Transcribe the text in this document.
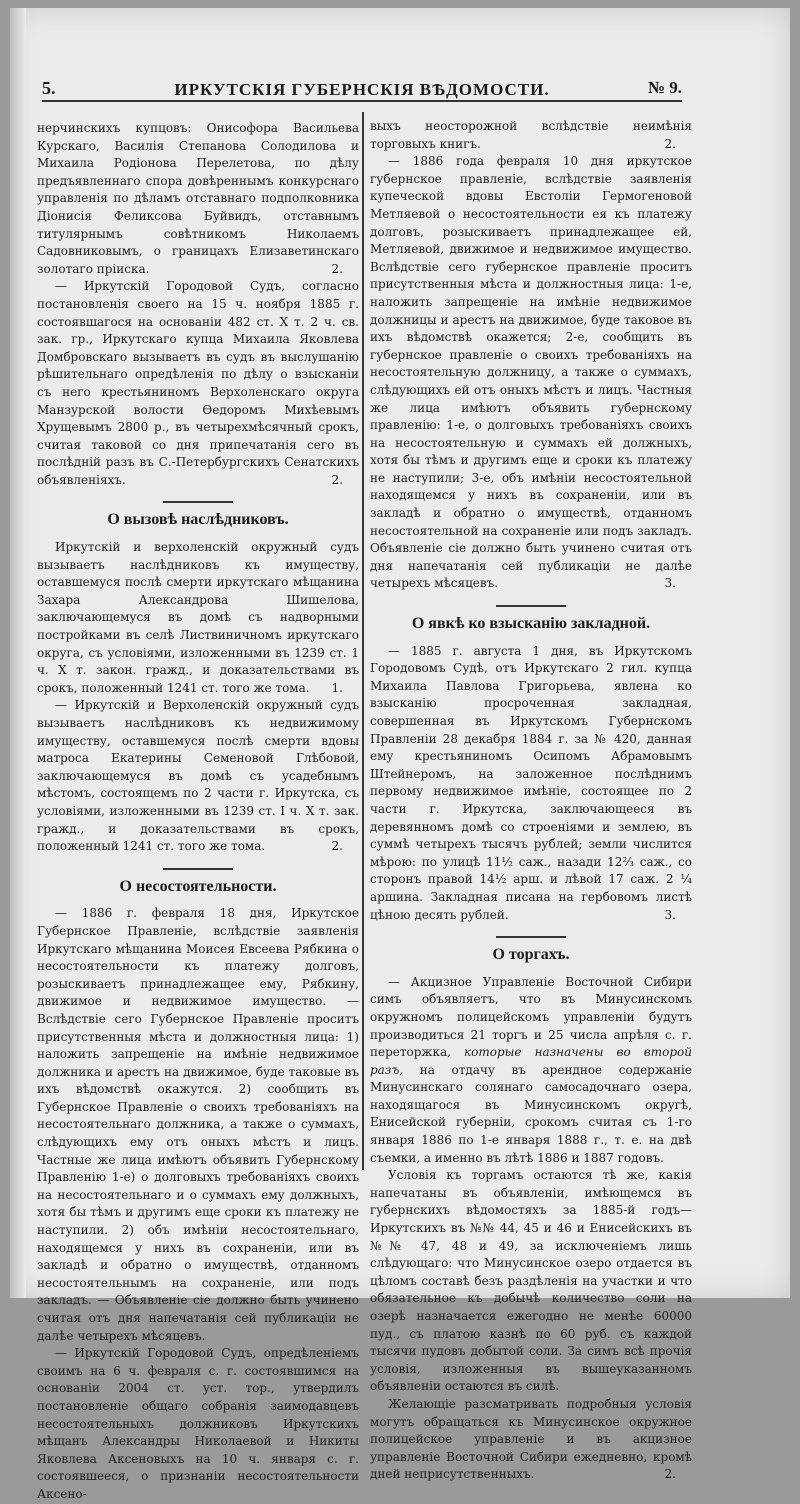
5.	ИРКУТСКІЯ ГУБЕРНСКІЯ ВѢДОМОСТИ.	№ 9.

нерчинскихъ купцовъ: Онисофора Васильева Курскаго, Василія Степанова Солодилова и Михаила Родіонова Перелетова, по дѣлу предъявленнаго спора довѣреннымъ конкурснаго управленія по дѣламъ отставнаго подполковника Діонисія Феликсова Буйвидъ, отставнымъ титулярнымъ совѣтникомъ Николаемъ Садовниковымъ, о границахъ Елизаветинскаго золотаго прiиска.	2.

— Иркутскій Городовой Судъ, согласно постановленія своего на 15 ч. ноября 1885 г. состоявшагося на основаніи 482 ст. X т. 2 ч. св. зак. гр., Иркутскаго купца Михаила Яковлева Домбровскаго вызываетъ въ судъ въ выслушанію рѣшительнаго опредѣленія по дѣлу о взысканіи съ него крестьяниномъ Верхоленскаго округа Манзурской волости Ѳедоромъ Михѣевымъ Хрущевымъ 2800 р., въ четырехмѣсячный срокъ, считая таковой со дня припечатанія сего въ послѣдній разъ въ С.-Петербургскихъ Сенатскихъ объявленіяхъ.	2.

О вызовѣ наслѣдниковъ.

Иркутскій и верхоленскій окружный судъ вызываетъ наслѣдниковъ къ имуществу, оставшемуся послѣ смерти иркутскаго мѣщанина Захара Александрова Шишелова, заключающемуся въ домѣ съ надворными постройками въ селѣ Листвиничномъ иркутскаго округа, съ условіями, изложенными въ 1239 ст. 1 ч. X т. закон. гражд., и доказательствами въ срокъ, положенный 1241 ст. того же тома.	1.

— Иркутскій и Верхоленскій окружный судъ вызываетъ наслѣдниковъ къ недвижимому имуществу, оставшемуся послѣ смерти вдовы матроса Екатерины Семеновой Глѣбовой, заключающемуся въ домѣ съ усадебнымъ мѣстомъ, состоящемъ по 2 части г. Иркутска, съ условіями, изложенными въ 1239 ст. I ч. X т. зак. гражд., и доказательствами въ срокъ, положенный 1241 ст. того же тома.	2.

О несостоятельности.

— 1886 г. февраля 18 дня, Иркутское Губернское Правленіе, вслѣдствіе заявленія Иркутскаго мѣщанина Моисея Евсеева Рябкина о несостоятельности къ платежу долговъ, розыскиваетъ принадлежащее ему, Рябкину, движимое и недвижимое имущество. — Вслѣдствіе сего Губернское Правленіе проситъ присутственныя мѣста и должностныя лица: 1) наложить запрещеніе на имѣніе недвижимое должника и арестъ на движимое, буде таковые въ ихъ вѣдомствѣ окажутся. 2) сообщить въ Губернское Правленіе о своихъ требованіяхъ на несостоятельнаго должника, а также о суммахъ, слѣдующихъ ему отъ оныхъ мѣстъ и лицъ. Частные же лица имѣютъ объявить Губернскому Правленію 1-е) о долговыхъ требованіяхъ своихъ на несостоятельнаго и о суммахъ ему должныхъ, хотя бы тѣмъ и другимъ еще сроки къ платежу не наступили. 2) объ имѣніи несостоятельнаго, находящемся у нихъ въ сохраненіи, или въ закладѣ и обратно о имуществѣ, отданномъ несостоятельнымъ на сохраненіе, или подъ закладъ. — Объявленіе сіе должно быть учинено считая отъ дня напечатанія сей публикаціи не далѣе четырехъ мѣсяцевъ.

— Иркутскій Городовой Судъ, опредѣленіемъ своимъ на 6 ч. февраля с. г. состоявшимся на основаніи 2004 ст. уст. тор., утвердилъ постановленіе общаго собранія заимодавцевъ несостоятельныхъ должниковъ Иркутскихъ мѣщанъ Александры Николаевой и Никиты Яковлева Аксеновыхъ на 10 ч. января с. г. состоявшееся, о признаніи несостоятельности Аксено-

выхъ неосторожной вслѣдствіе неимѣнія торговыхъ книгъ.	2.

— 1886 года февраля 10 дня иркутское губернское правленіе, вслѣдствіе заявленія купеческой вдовы Евстоліи Гермогеновой Метляевой о несостоятельности ея къ платежу долговъ, розыскиваетъ принадлежащее ей, Метляевой, движимое и недвижимое имущество. Вслѣдствіе сего губернское правленіе проситъ присутственныя мѣста и должностныя лица: 1-е, наложить запрещеніе на имѣніе недвижимое должницы и арестъ на движимое, буде таковое въ ихъ вѣдомствѣ окажется; 2-е, сообщить въ губернское правленіе о своихъ требованіяхъ на несостоятельную должницу, а также о суммахъ, слѣдующихъ ей отъ оныхъ мѣстъ и лицъ. Частныя же лица имѣютъ объявить губернскому правленію: 1-е, о долговыхъ требованіяхъ своихъ на несостоятельную и суммахъ ей должныхъ, хотя бы тѣмъ и другимъ еще и сроки къ платежу не наступили; 3-е, объ имѣніи несостоятельной находящемся у нихъ въ сохраненіи, или въ закладѣ и обратно о имуществѣ, отданномъ несостоятельной на сохраненіе или подъ закладъ. Объявленіе сіе должно быть учинено считая отъ дня напечатанія сей публикаціи не далѣе четырехъ мѣсяцевъ.	3.

О явкѣ ко взысканію закладной.

— 1885 г. августа 1 дня, въ Иркутскомъ Городовомъ Судѣ, отъ Иркутскаго 2 гил. купца Михаила Павлова Григорьева, явлена ко взысканію просроченная закладная, совершенная въ Иркутскомъ Губернскомъ Правленіи 28 декабря 1884 г. за № 420, данная ему крестьяниномъ Осипомъ Абрамовымъ Штейнеромъ, на заложенное послѣднимъ первому недвижимое имѣніе, состоящее по 2 части г. Иркутска, заключающееся въ деревянномъ домѣ со строеніями и землею, въ суммѣ четырехъ тысячъ рублей; земли числится мѣрою: по улицѣ 11½ саж., назади 12⅔ саж., со сторонъ правой 14½ арш. и лѣвой 17 саж. 2 ¼ аршина. Закладная писана на гербовомъ листѣ цѣною десять рублей.	3.

О торгахъ.

— Акцизное Управленіе Восточной Сибири симъ объявляетъ, что въ Минусинскомъ окружномъ полицейскомъ управленіи будутъ производиться 21 торгъ и 25 числа апрѣля с. г. переторжка, которые назначены во второй разъ, на отдачу въ арендное содержаніе Минусинскаго солянаго самосадочнаго озера, находящагося въ Минусинскомъ округѣ, Енисейской губерніи, срокомъ считая съ 1-го января 1886 по 1-е января 1888 г., т. е. на двѣ съемки, а именно въ лѣтѣ 1886 и 1887 годовъ.

Условія къ торгамъ остаются тѣ же, какія напечатаны въ объявленіи, имѣющемся въ губернскихъ вѣдомостяхъ за 1885-й годъ—Иркутскихъ въ №№ 44, 45 и 46 и Енисейскихъ въ №№ 47, 48 и 49, за исключеніемъ лишь слѣдующаго: что Минусинское озеро отдается въ цѣломъ составѣ безъ раздѣленія на участки и что обязательное къ добычѣ количество соли на озерѣ назначается ежегодно не менѣе 60000 пуд., съ платою казнѣ по 60 руб. съ каждой тысячи пудовъ добытой соли. За симъ всѣ прочія условія, изложенныя въ вышеуказанномъ объявленіи остаются въ силѣ.

Желающіе разсматривать подробныя условія могутъ обращаться къ Минусинское окружное полицейское управленіе и въ акцизное управленіе Восточной Сибири ежедневно, кромѣ дней неприсутственныхъ.	2.
